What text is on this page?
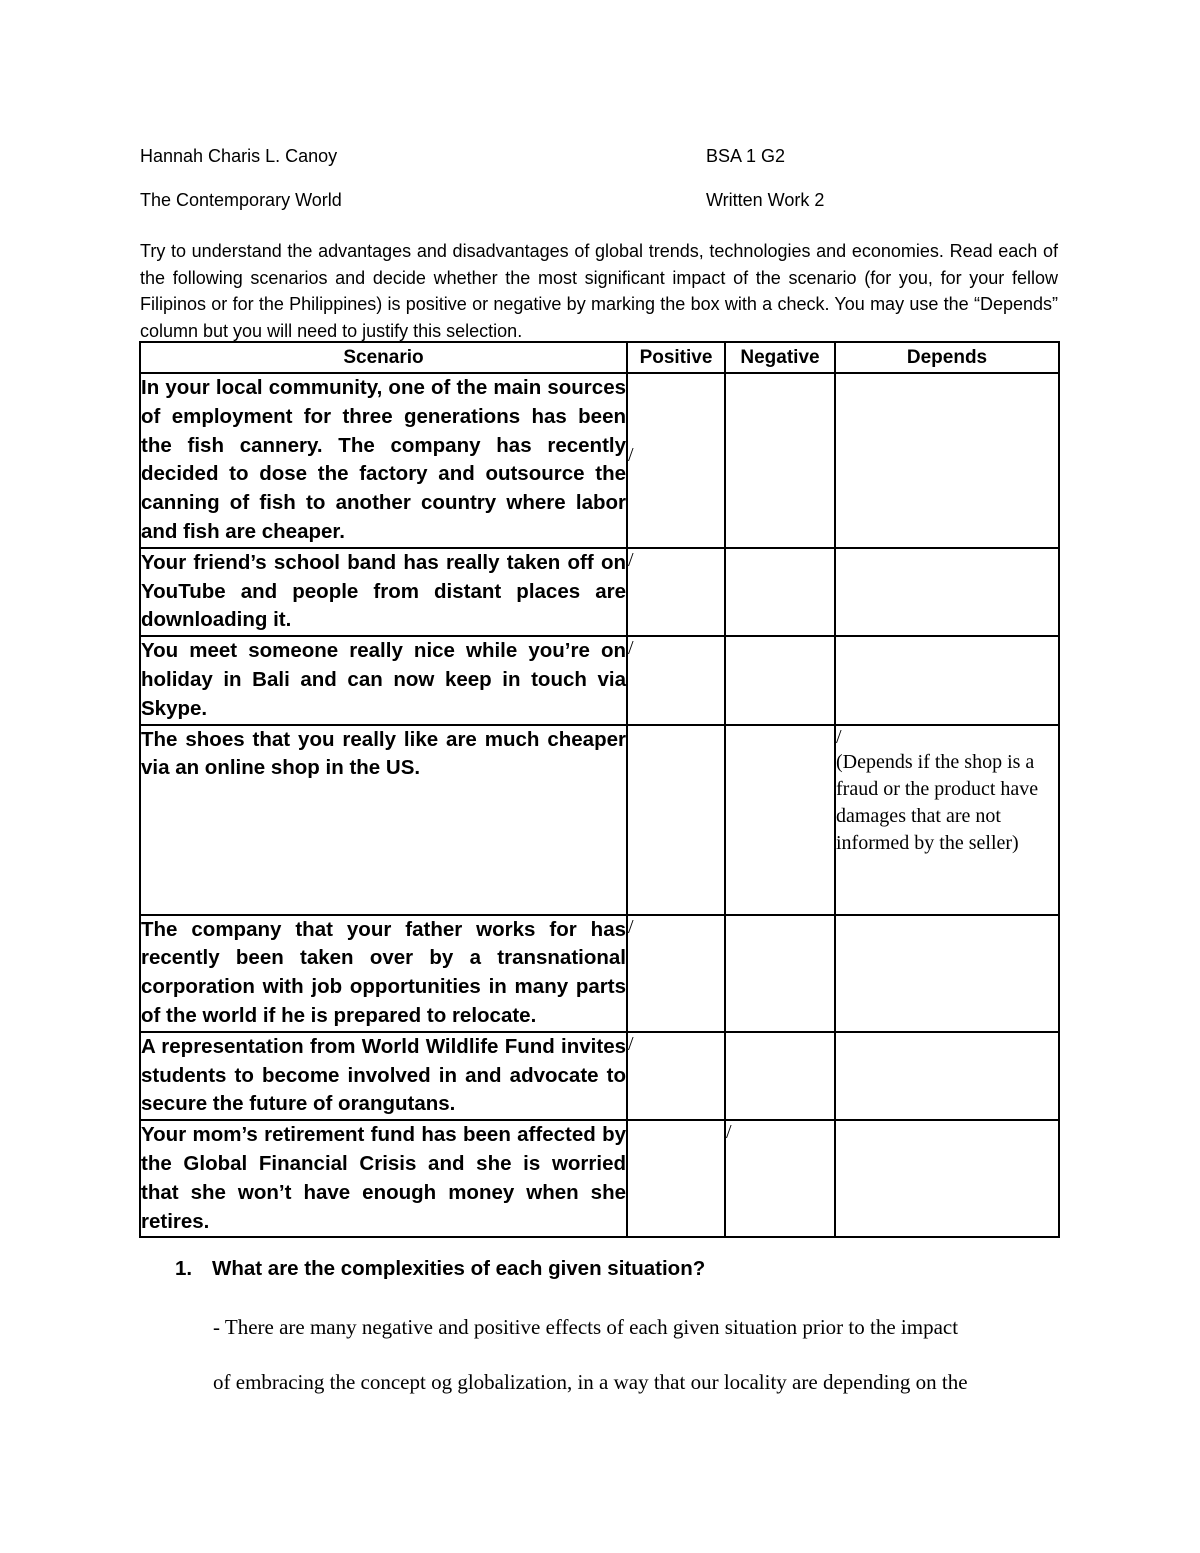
Hannah Charis L. Canoy	BSA 1 G2
The Contemporary World	Written Work 2
Try to understand the advantages and disadvantages of global trends, technologies and economies. Read each of the following scenarios and decide whether the most significant impact of the scenario (for you, for your fellow Filipinos or for the Philippines) is positive or negative by marking the box with a check. You may use the “Depends” column but you will need to justify this selection.
Scenario	Positive	Negative	Depends
In your local community, one of the main sources of employment for three generations has been the fish cannery. The company has recently decided to dose the factory and outsource the canning of fish to another country where labor and fish are cheaper.	/		

Your friend’s school band has really taken off on YouTube and people from distant places are downloading it.	/		

You meet someone really nice while you’re on holiday in Bali and can now keep in touch via Skype.	/		

The shoes that you really like are much cheaper via an online shop in the US.			/
(Depends if the shop is a fraud or the product have damages that are not informed by the seller)

The company that your father works for has recently been taken over by a transnational corporation with job opportunities in many parts of the world if he is prepared to relocate.	/		

A representation from World Wildlife Fund invites students to become involved in and advocate to secure the future of orangutans.	/		

Your mom’s retirement fund has been affected by the Global Financial Crisis and she is worried that she won’t have enough money when she retires.		/	
1. What are the complexities of each given situation?
- There are many negative and positive effects of each given situation prior to the impact
of embracing the concept og globalization, in a way that our locality are depending on the
